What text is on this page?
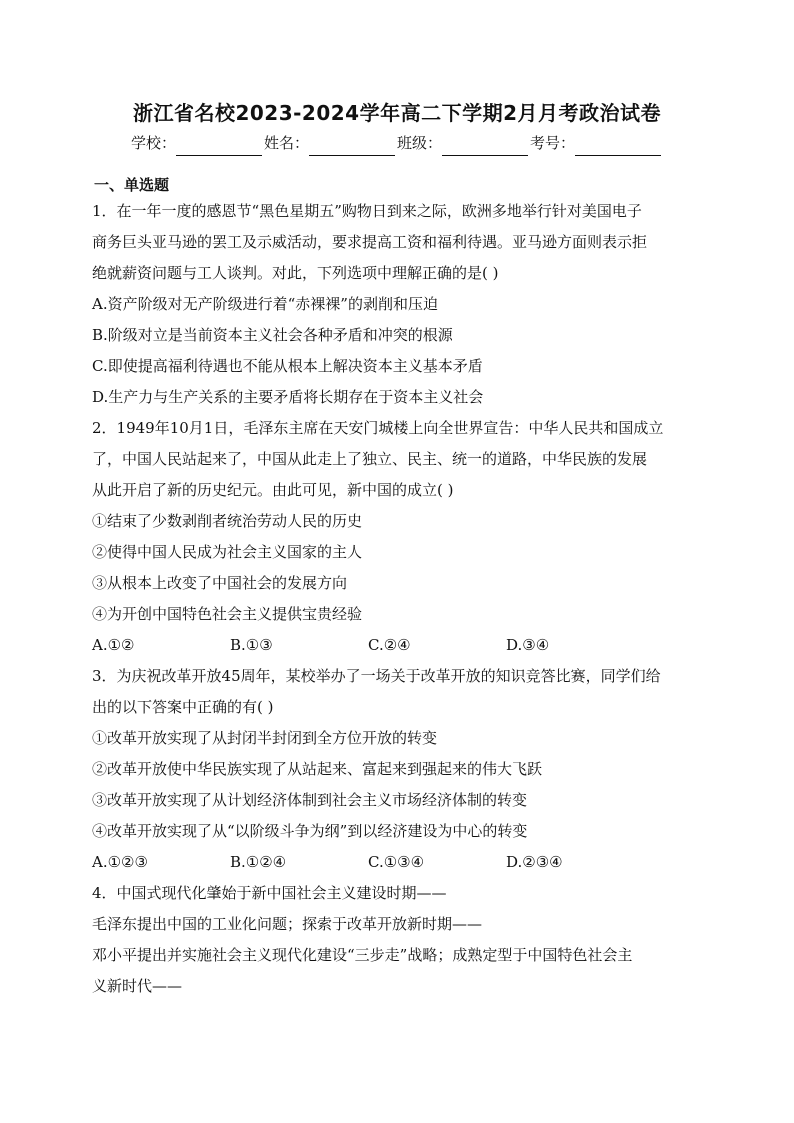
浙江省名校2023-2024学年高二下学期2月月考政治试卷
学校：	姓名：	班级：	考号：
一、单选题

1．在一年一度的感恩节“黑色星期五”购物日到来之际，欧洲多地举行针对美国电子

商务巨头亚马逊的罢工及示威活动，要求提高工资和福利待遇。亚马逊方面则表示拒

绝就薪资问题与工人谈判。对此，下列选项中理解正确的是( )

A.资产阶级对无产阶级进行着“赤裸裸”的剥削和压迫

B.阶级对立是当前资本主义社会各种矛盾和冲突的根源

C.即使提高福利待遇也不能从根本上解决资本主义基本矛盾

D.生产力与生产关系的主要矛盾将长期存在于资本主义社会

2．1949年10月1日，毛泽东主席在天安门城楼上向全世界宣告：中华人民共和国成立

了，中国人民站起来了，中国从此走上了独立、民主、统一的道路，中华民族的发展

从此开启了新的历史纪元。由此可见，新中国的成立( )

①结束了少数剥削者统治劳动人民的历史

②使得中国人民成为社会主义国家的主人

③从根本上改变了中国社会的发展方向

④为开创中国特色社会主义提供宝贵经验

A.①②	B.①③	C.②④	D.③④

3．为庆祝改革开放45周年，某校举办了一场关于改革开放的知识竞答比赛，同学们给

出的以下答案中正确的有( )

①改革开放实现了从封闭半封闭到全方位开放的转变

②改革开放使中华民族实现了从站起来、富起来到强起来的伟大飞跃

③改革开放实现了从计划经济体制到社会主义市场经济体制的转变

④改革开放实现了从“以阶级斗争为纲”到以经济建设为中心的转变

A.①②③	B.①②④	C.①③④	D.②③④

4．中国式现代化肇始于新中国社会主义建设时期——

毛泽东提出中国的工业化问题；探索于改革开放新时期——

邓小平提出并实施社会主义现代化建设“三步走”战略；成熟定型于中国特色社会主

义新时代——
